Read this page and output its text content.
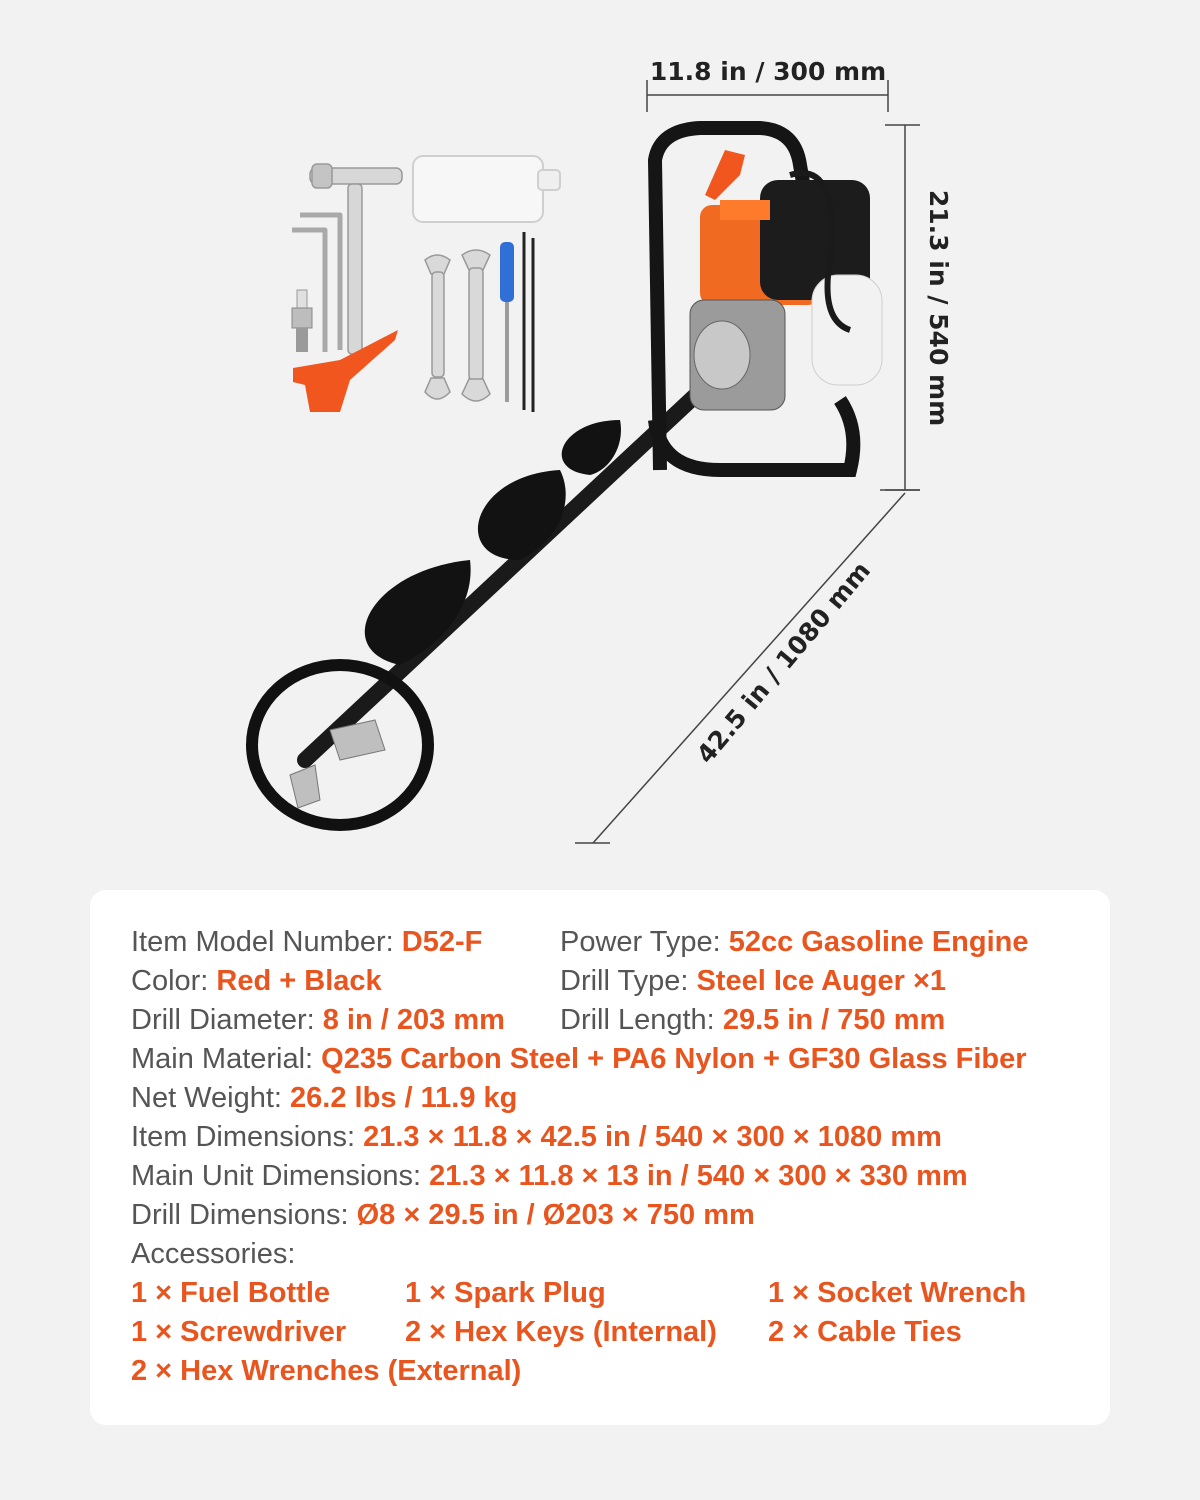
11.8 in / 300 mm
21.3 in / 540 mm
42.5 in / 1080 mm
Item Model Number: D52-F	Power Type: 52cc Gasoline Engine
Color: Red + Black	Drill Type: Steel Ice Auger ×1
Drill Diameter: 8 in / 203 mm Drill Length: 29.5 in / 750 mm
Main Material: Q235 Carbon Steel + PA6 Nylon + GF30 Glass Fiber
Net Weight: 26.2 lbs / 11.9 kg
Item Dimensions: 21.3 × 11.8 × 42.5 in / 540 × 300 × 1080 mm
Main Unit Dimensions: 21.3 × 11.8 × 13 in / 540 × 300 × 330 mm
Drill Dimensions: Ø8 × 29.5 in / Ø203 × 750 mm
Accessories:
1 × Fuel Bottle	1 × Spark Plug	1 × Socket Wrench
1 × Screwdriver 2 × Hex Keys (Internal) 2 × Cable Ties
2 × Hex Wrenches (External)
